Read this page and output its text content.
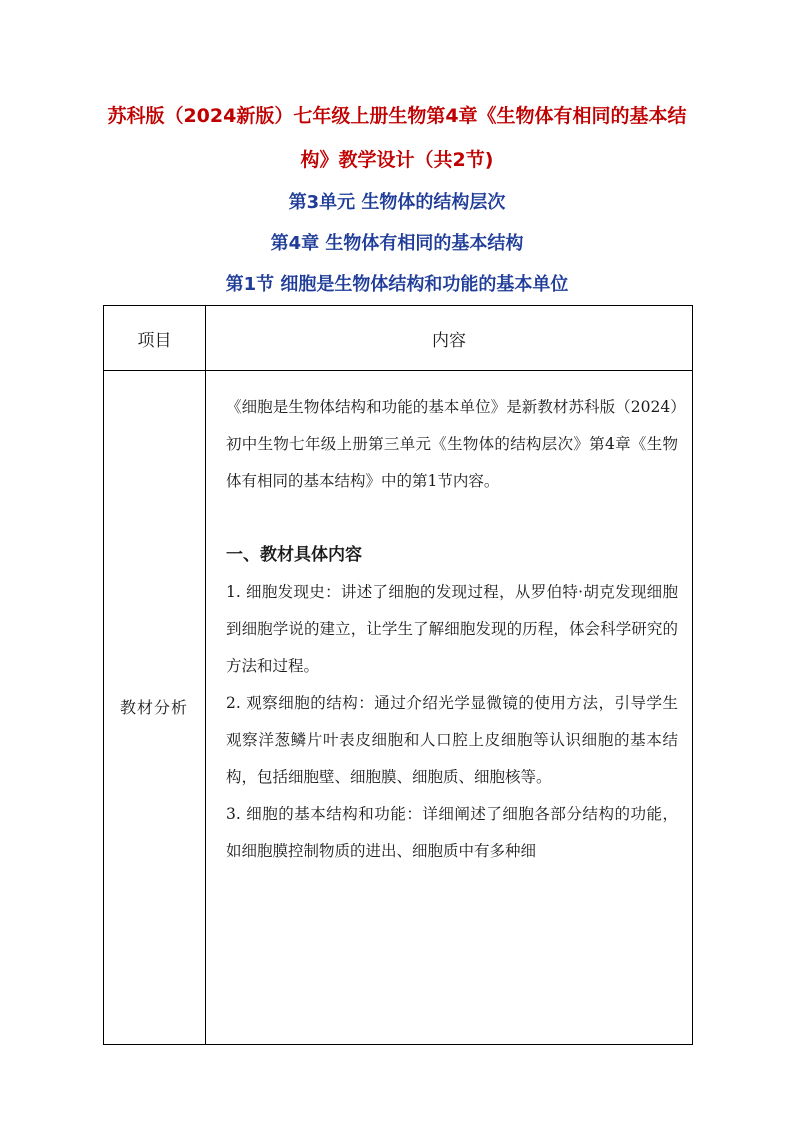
苏科版（2024新版）七年级上册生物第4章《生物体有相同的基本结构》教学设计（共2节)

第3单元 生物体的结构层次

第4章 生物体有相同的基本结构

第1节 细胞是生物体结构和功能的基本单位

项目	内容
教材分析	《细胞是生物体结构和功能的基本单位》是新教材苏科版（2024）初中生物七年级上册第三单元《生物体的结构层次》第4章《生物体有相同的基本结构》中的第1节内容。

一、教材具体内容

1. 细胞发现史：讲述了细胞的发现过程，从罗伯特·胡克发现细胞到细胞学说的建立，让学生了解细胞发现的历程，体会科学研究的方法和过程。

2. 观察细胞的结构：通过介绍光学显微镜的使用方法，引导学生观察洋葱鳞片叶表皮细胞和人口腔上皮细胞等认识细胞的基本结构，包括细胞壁、细胞膜、细胞质、细胞核等。

3. 细胞的基本结构和功能：详细阐述了细胞各部分结构的功能，如细胞膜控制物质的进出、细胞质中有多种细
